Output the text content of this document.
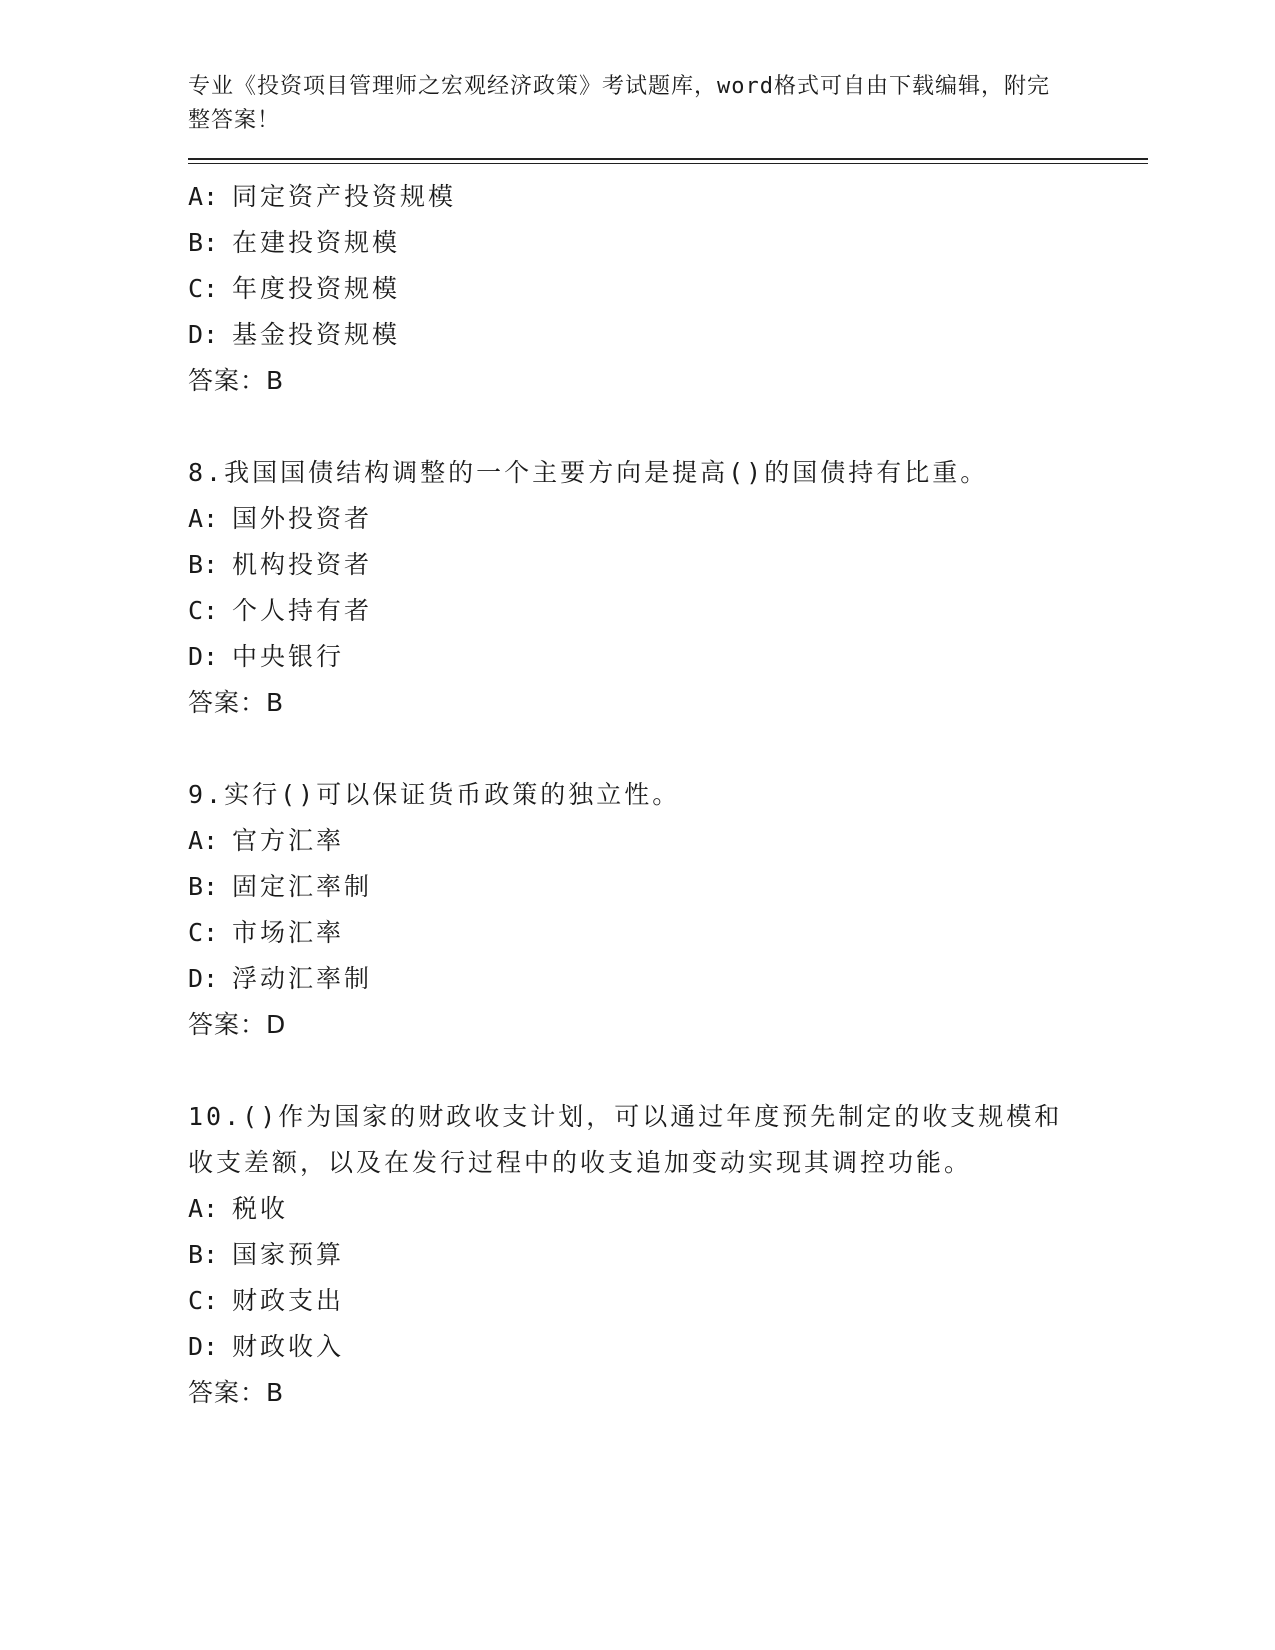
专业《投资项目管理师之宏观经济政策》考试题库，word格式可自由下载编辑，附完整答案！
A: 同定资产投资规模
B: 在建投资规模
C: 年度投资规模
D: 基金投资规模
答案：B
8.我国国债结构调整的一个主要方向是提高()的国债持有比重。
A: 国外投资者
B: 机构投资者
C: 个人持有者
D: 中央银行
答案：B
9.实行()可以保证货币政策的独立性。
A: 官方汇率
B: 固定汇率制
C: 市场汇率
D: 浮动汇率制
答案：D
10.()作为国家的财政收支计划，可以通过年度预先制定的收支规模和收支差额，以及在发行过程中的收支追加变动实现其调控功能。
A: 税收
B: 国家预算
C: 财政支出
D: 财政收入
答案：B
